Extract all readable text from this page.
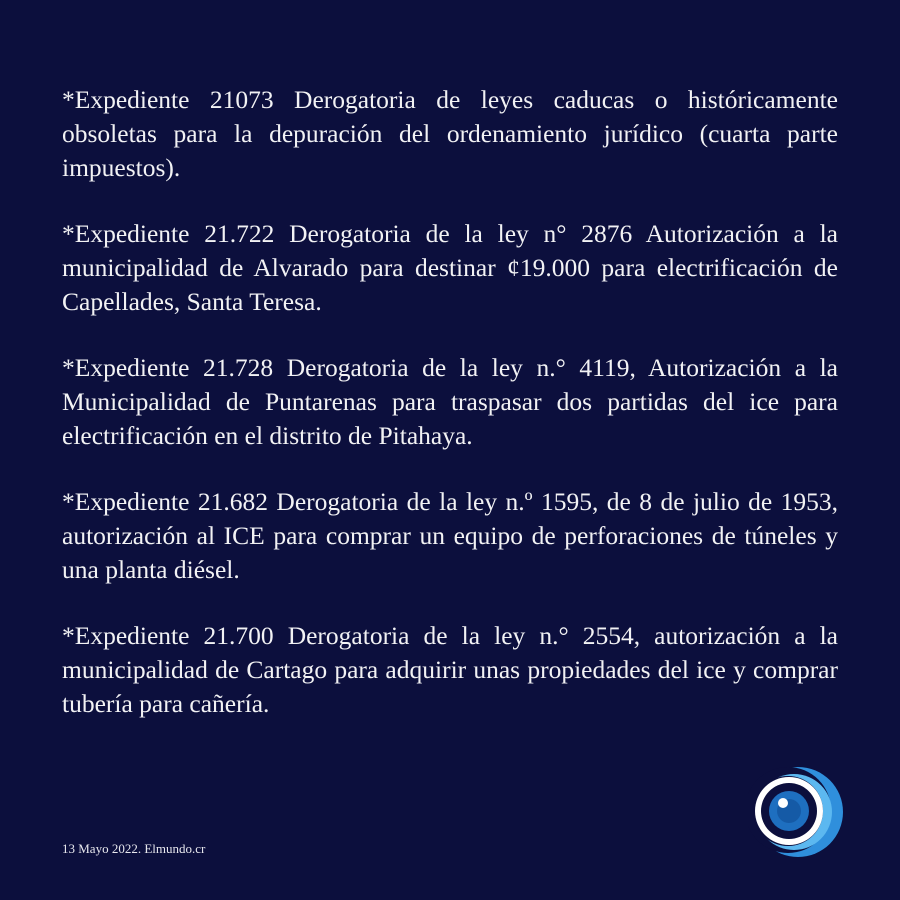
*Expediente 21073 Derogatoria de leyes caducas o históricamente obsoletas para la depuración del ordenamiento jurídico (cuarta parte impuestos).

*Expediente 21.722 Derogatoria de la ley n° 2876 Autorización a la municipalidad de Alvarado para destinar ¢19.000 para electrificación de Capellades, Santa Teresa.

*Expediente 21.728 Derogatoria de la ley n.° 4119, Autorización a la Municipalidad de Puntarenas para traspasar dos partidas del ice para electrificación en el distrito de Pitahaya.

*Expediente 21.682 Derogatoria de la ley n.º 1595, de 8 de julio de 1953, autorización al ICE para comprar un equipo de perforaciones de túneles y una planta diésel.

*Expediente 21.700 Derogatoria de la ley n.° 2554, autorización a la municipalidad de Cartago para adquirir unas propiedades del ice y comprar tubería para cañería.

13 Mayo 2022. Elmundo.cr
